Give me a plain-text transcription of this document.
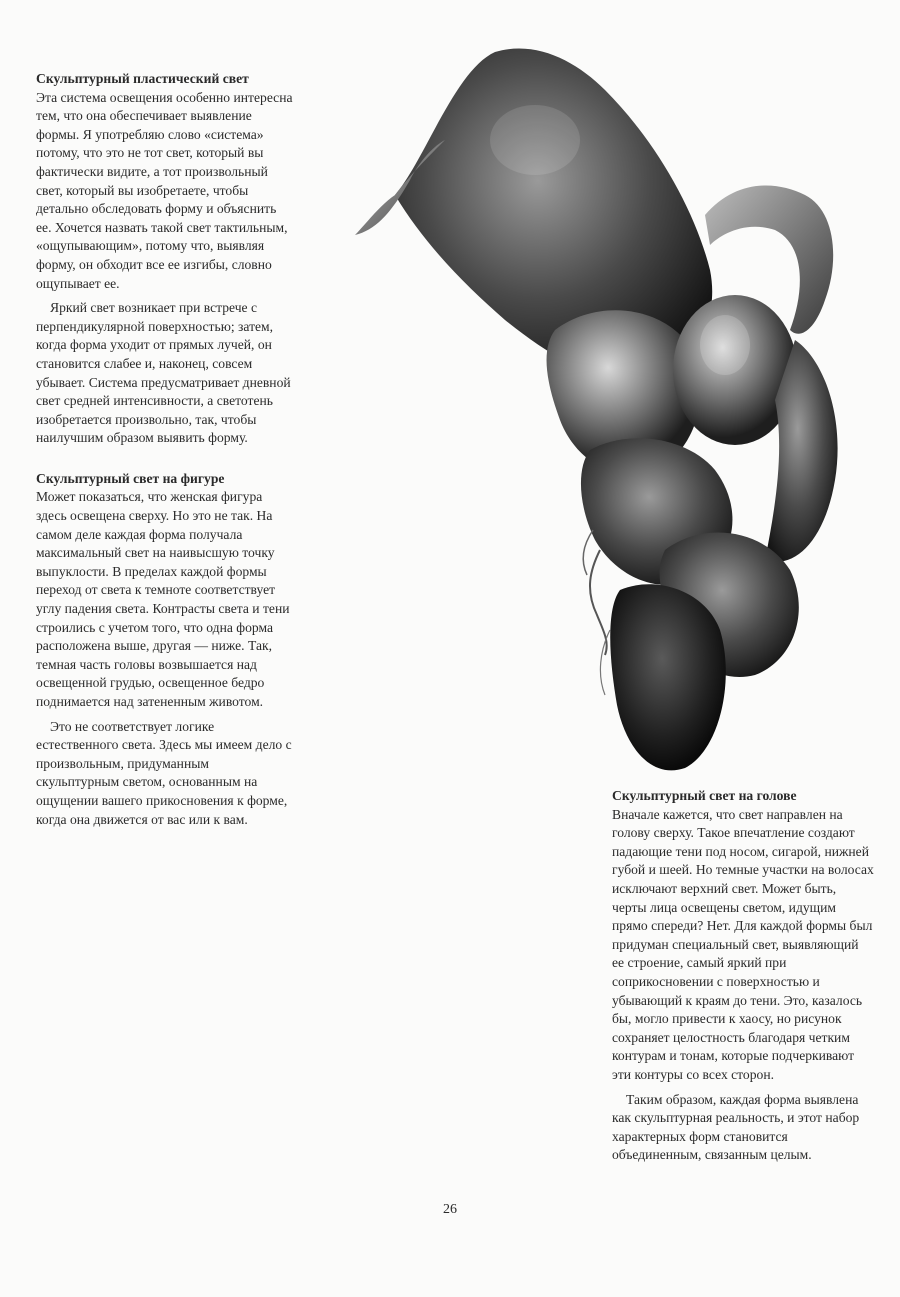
Скульптурный пластический свет

Эта система освещения особенно интересна тем, что она обеспечивает выявление формы. Я употребляю слово «система» потому, что это не тот свет, который вы фактически видите, а тот произвольный свет, который вы изобретаете, чтобы детально обследовать форму и объяснить ее. Хочется назвать такой свет тактильным, «ощупывающим», потому что, выявляя форму, он обходит все ее изгибы, словно ощупывает ее.

Яркий свет возникает при встрече с перпендикулярной поверхностью; затем, когда форма уходит от прямых лучей, он становится слабее и, наконец, совсем убывает. Система предусматривает дневной свет средней интенсивности, а светотень изобретается произвольно, так, чтобы наилучшим образом выявить форму.

Скульптурный свет на фигуре

Может показаться, что женская фигура здесь освещена сверху. Но это не так. На самом деле каждая форма получала максимальный свет на наивысшую точку выпуклости. В пределах каждой формы переход от света к темноте соответствует углу падения света. Контрасты света и тени строились с учетом того, что одна форма расположена выше, другая — ниже. Так, темная часть головы возвышается над освещенной грудью, освещенное бедро поднимается над затененным животом.

Это не соответствует логике естественного света. Здесь мы имеем дело с произвольным, придуманным скульптурным светом, основанным на ощущении вашего прикосновения к форме, когда она движется от вас или к вам.

Скульптурный свет на голове

Вначале кажется, что свет направлен на голову сверху. Такое впечатление создают падающие тени под носом, сигарой, нижней губой и шеей. Но темные участки на волосах исключают верхний свет. Может быть, черты лица освещены светом, идущим прямо спереди? Нет. Для каждой формы был придуман специальный свет, выявляющий ее строение, самый яркий при соприкосновении с поверхностью и убывающий к краям до тени. Это, казалось бы, могло привести к хаосу, но рисунок сохраняет целостность благодаря четким контурам и тонам, которые подчеркивают эти контуры со всех сторон.

Таким образом, каждая форма выявлена как скульптурная реальность, и этот набор характерных форм становится объединенным, связанным целым.

26
